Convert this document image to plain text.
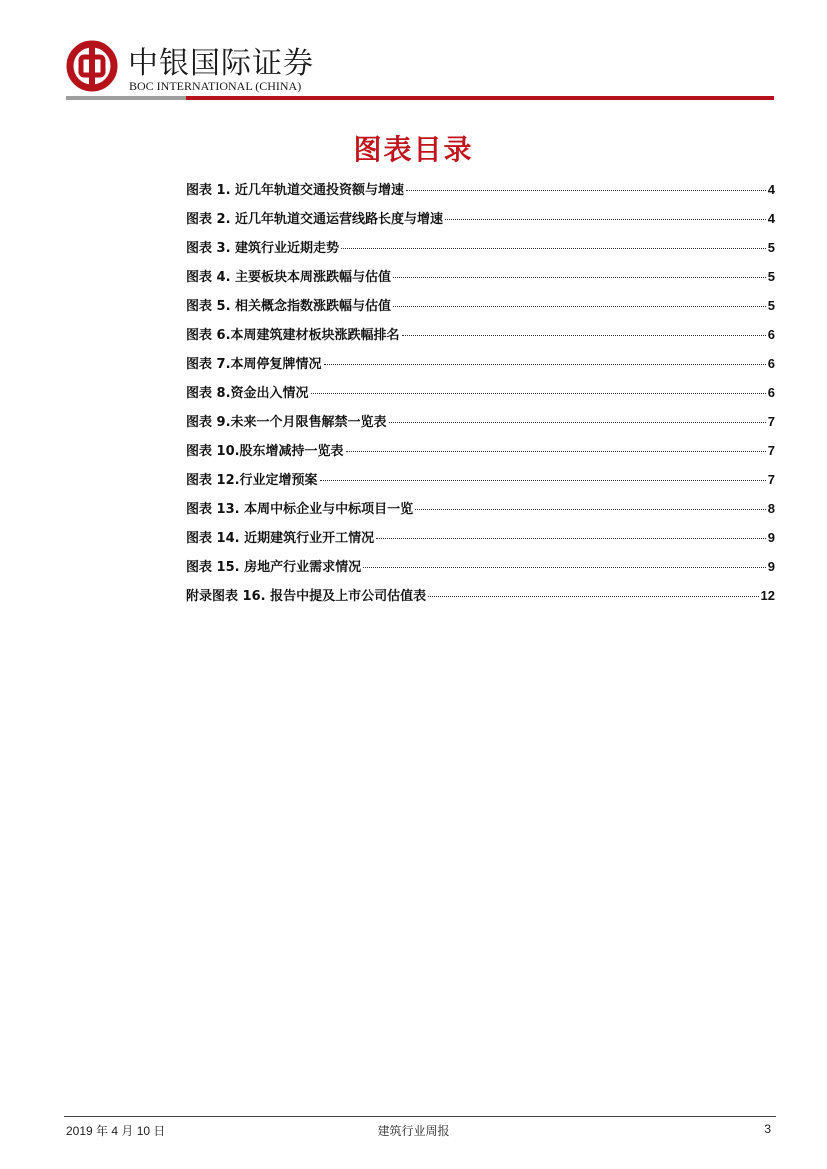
中银国际证券
BOC INTERNATIONAL (CHINA)
图表目录
图表 1. 近几年轨道交通投资额与增速	4
图表 2. 近几年轨道交通运营线路长度与增速	4
图表 3. 建筑行业近期走势	5
图表 4. 主要板块本周涨跌幅与估值	5
图表 5. 相关概念指数涨跌幅与估值	5
图表 6.本周建筑建材板块涨跌幅排名	6
图表 7.本周停复牌情况	6
图表 8.资金出入情况	6
图表 9.未来一个月限售解禁一览表	7
图表 10.股东增减持一览表	7
图表 12.行业定增预案	7
图表 13. 本周中标企业与中标项目一览	8
图表 14. 近期建筑行业开工情况	9
图表 15. 房地产行业需求情况	9
附录图表 16. 报告中提及上市公司估值表	12
2019 年 4 月 10 日	建筑行业周报	3
